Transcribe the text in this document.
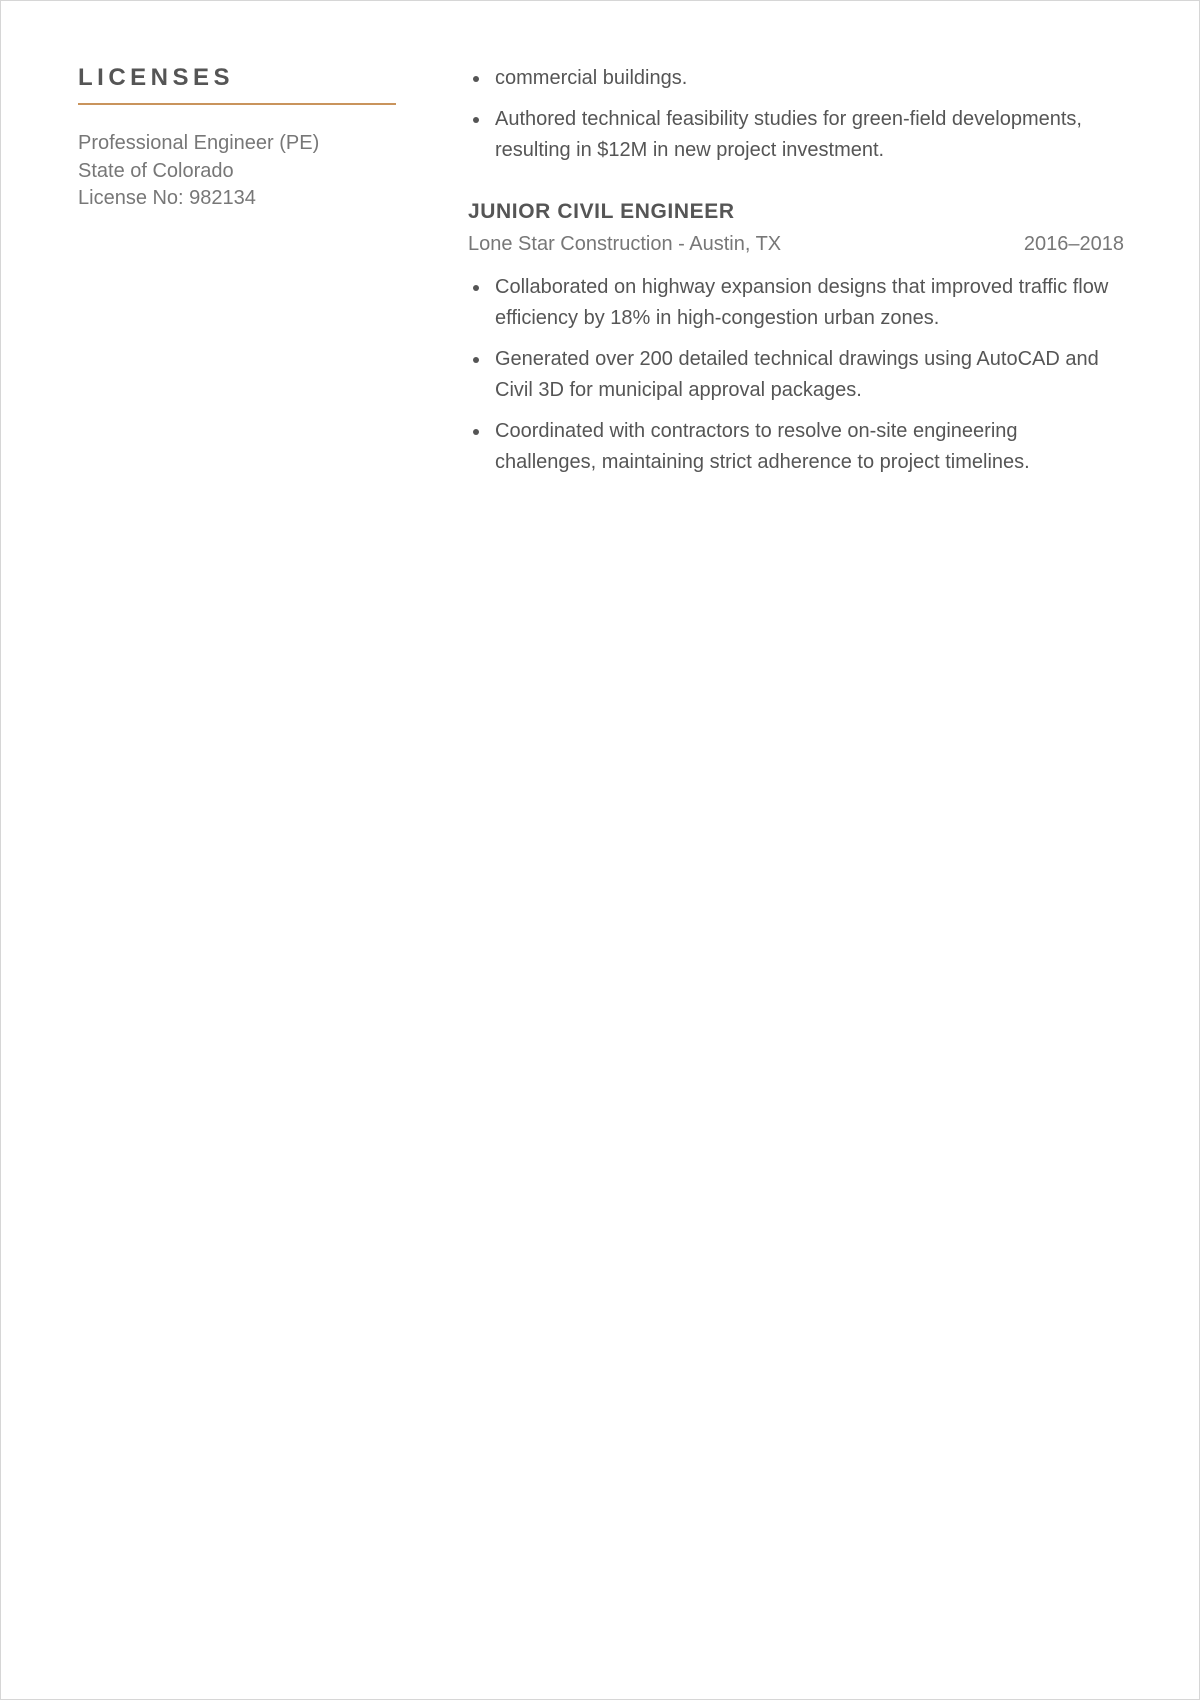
LICENSES
Professional Engineer (PE)
State of Colorado
License No: 982134
commercial buildings.
Authored technical feasibility studies for green-field developments, resulting in $12M in new project investment.
JUNIOR CIVIL ENGINEER
Lone Star Construction - Austin, TX	2016–2018
Collaborated on highway expansion designs that improved traffic flow efficiency by 18% in high-congestion urban zones.
Generated over 200 detailed technical drawings using AutoCAD and Civil 3D for municipal approval packages.
Coordinated with contractors to resolve on-site engineering challenges, maintaining strict adherence to project timelines.
